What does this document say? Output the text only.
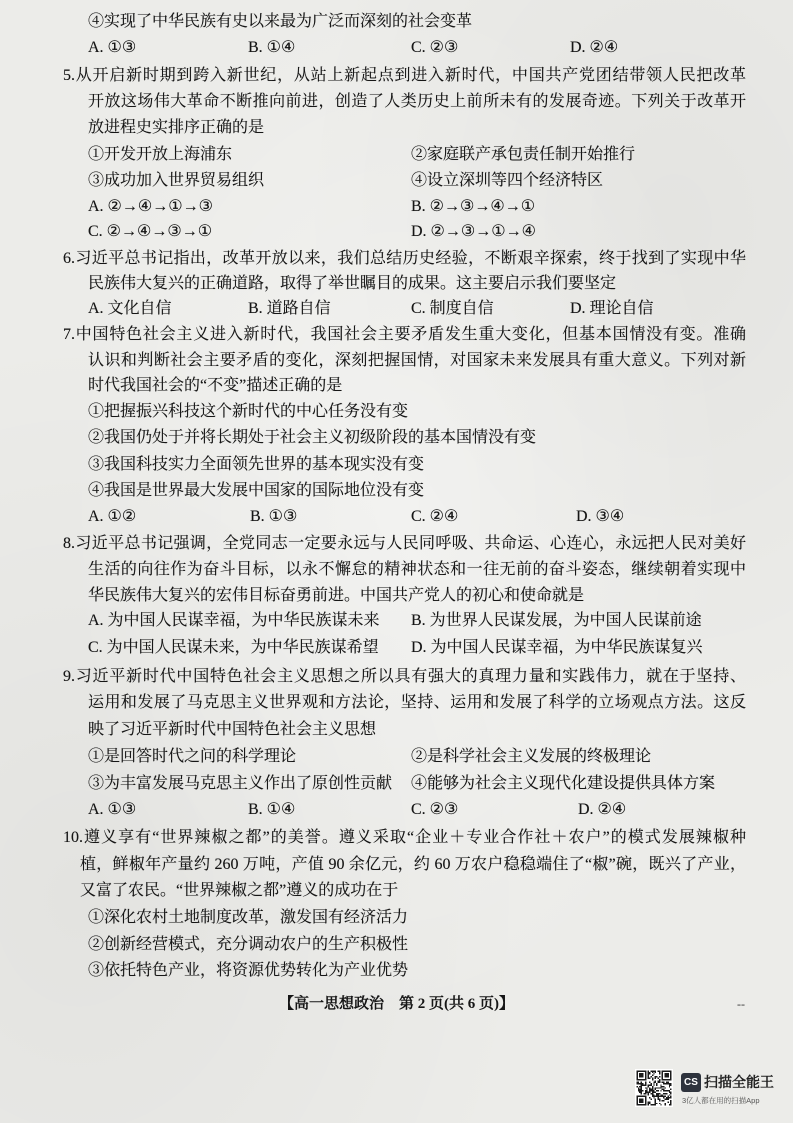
④实现了中华民族有史以来最为广泛而深刻的社会变革
A. ①③	B. ①④	C. ②③	D. ②④
5.从开启新时期到跨入新世纪，从站上新起点到进入新时代，中国共产党团结带领人民把改革
开放这场伟大革命不断推向前进，创造了人类历史上前所未有的发展奇迹。下列关于改革开
放进程史实排序正确的是
①开发开放上海浦东	②家庭联产承包责任制开始推行
③成功加入世界贸易组织	④设立深圳等四个经济特区
A. ②→④→①→③	B. ②→③→④→①
C. ②→④→③→①	D. ②→③→①→④
6.习近平总书记指出，改革开放以来，我们总结历史经验，不断艰辛探索，终于找到了实现中华
民族伟大复兴的正确道路，取得了举世瞩目的成果。这主要启示我们要坚定
A. 文化自信	B. 道路自信	C. 制度自信	D. 理论自信
7.中国特色社会主义进入新时代，我国社会主要矛盾发生重大变化，但基本国情没有变。准确
认识和判断社会主要矛盾的变化，深刻把握国情，对国家未来发展具有重大意义。下列对新
时代我国社会的“不变”描述正确的是
①把握振兴科技这个新时代的中心任务没有变
②我国仍处于并将长期处于社会主义初级阶段的基本国情没有变
③我国科技实力全面领先世界的基本现实没有变
④我国是世界最大发展中国家的国际地位没有变
A. ①②	B. ①③	C. ②④	D. ③④
8.习近平总书记强调，全党同志一定要永远与人民同呼吸、共命运、心连心，永远把人民对美好
生活的向往作为奋斗目标，以永不懈怠的精神状态和一往无前的奋斗姿态，继续朝着实现中
华民族伟大复兴的宏伟目标奋勇前进。中国共产党人的初心和使命就是
A. 为中国人民谋幸福，为中华民族谋未来 B. 为世界人民谋发展，为中国人民谋前途
C. 为中国人民谋未来，为中华民族谋希望 D. 为中国人民谋幸福，为中华民族谋复兴
9.习近平新时代中国特色社会主义思想之所以具有强大的真理力量和实践伟力，就在于坚持、
运用和发展了马克思主义世界观和方法论，坚持、运用和发展了科学的立场观点方法。这反
映了习近平新时代中国特色社会主义思想
①是回答时代之问的科学理论	②是科学社会主义发展的终极理论
③为丰富发展马克思主义作出了原创性贡献 ④能够为社会主义现代化建设提供具体方案
A. ①③	B. ①④	C. ②③	D. ②④
10.遵义享有“世界辣椒之都”的美誉。遵义采取“企业＋专业合作社＋农户”的模式发展辣椒种
植，鲜椒年产量约 260 万吨，产值 90 余亿元，约 60 万农户稳稳端住了“椒”碗，既兴了产业，
又富了农民。“世界辣椒之都”遵义的成功在于
①深化农村土地制度改革，激发国有经济活力
②创新经营模式，充分调动农户的生产积极性
③依托特色产业，将资源优势转化为产业优势
【高一思想政治　第 2 页(共 6 页)】	--
CS 扫描全能王
3亿人都在用的扫描App
